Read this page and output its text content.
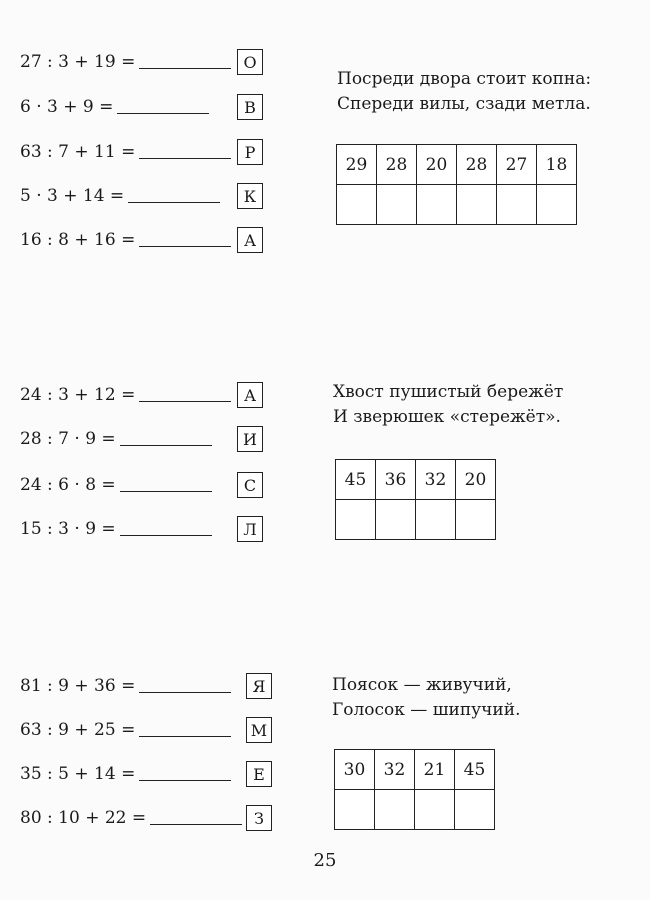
27 : 3 + 19 =	О
6 · 3 + 9 =	В
63 : 7 + 11 =	Р
5 · 3 + 14 =	К
16 : 8 + 16 =	А
Посреди двора стоит копна:
Спереди вилы, сзади метла.
29	28	20	28	27	18

24 : 3 + 12 =	А
28 : 7 · 9 =	И
24 : 6 · 8 =	С
15 : 3 · 9 =	Л
Хвост пушистый бережёт
И зверюшек «стережёт».
45	36	32	20

81 : 9 + 36 =	Я
63 : 9 + 25 =	М
35 : 5 + 14 =	Е
80 : 10 + 22 =	З
Поясок — живучий,
Голосок — шипучий.
30	32	21	45

25
